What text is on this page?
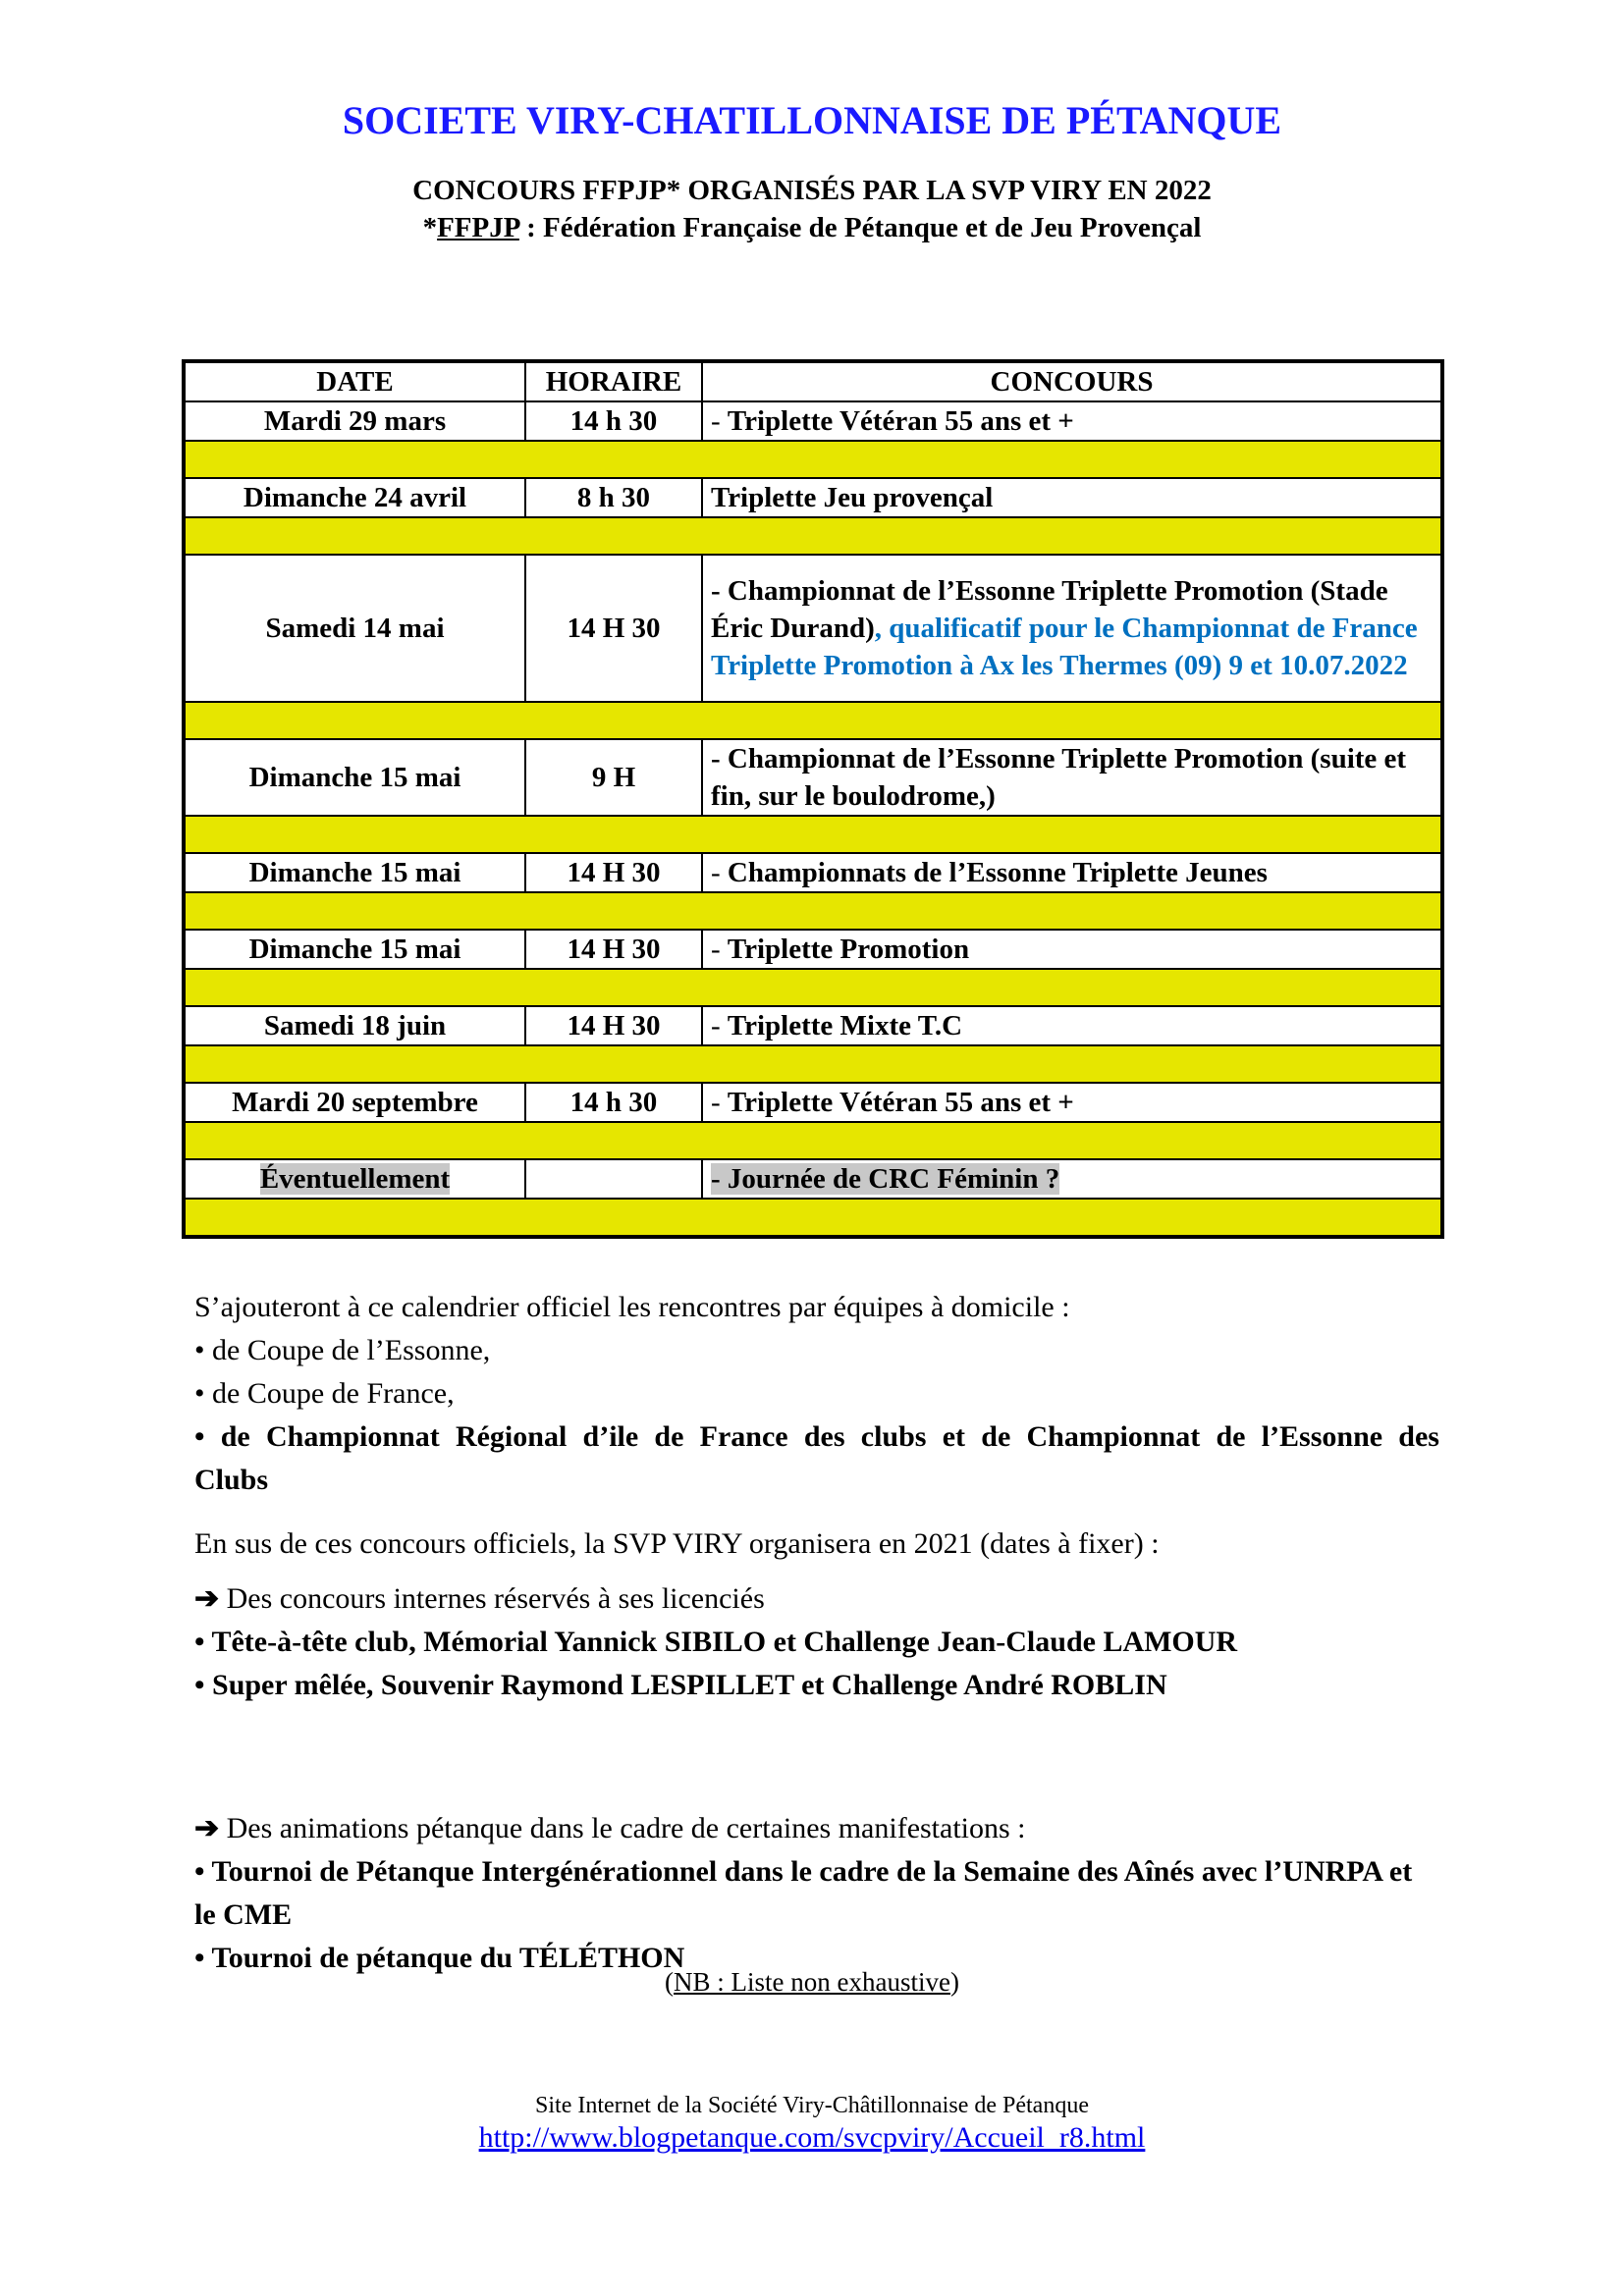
SOCIETE VIRY-CHATILLONNAISE DE PÉTANQUE
CONCOURS FFPJP* ORGANISÉS PAR LA SVP VIRY EN 2022
*FFPJP : Fédération Française de Pétanque et de Jeu Provençal
DATE	HORAIRE	CONCOURS
Mardi 29 mars	14 h 30	- Triplette Vétéran 55 ans et +

Dimanche 24 avril	8 h 30	Triplette Jeu provençal

Samedi 14 mai	14 H 30	- Championnat de l’Essonne Triplette Promotion (Stade Éric Durand), qualificatif pour le Championnat de France Triplette Promotion à Ax les Thermes (09) 9 et 10.07.2022

Dimanche 15 mai	9 H	- Championnat de l’Essonne Triplette Promotion (suite et fin, sur le boulodrome,)

Dimanche 15 mai	14 H 30	- Championnats de l’Essonne Triplette Jeunes

Dimanche 15 mai	14 H 30	- Triplette Promotion

Samedi 18 juin	14 H 30	- Triplette Mixte T.C

Mardi 20 septembre	14 h 30	- Triplette Vétéran 55 ans et +

Éventuellement		- Journée de CRC Féminin ?

S’ajouteront à ce calendrier officiel les rencontres par équipes à domicile :

• de Coupe de l’Essonne,

• de Coupe de France,

• de Championnat Régional d’ile de France des clubs et de Championnat de l’Essonne des Clubs

En sus de ces concours officiels, la SVP VIRY organisera en 2021 (dates à fixer) :

➔ Des concours internes réservés à ses licenciés

• Tête-à-tête club, Mémorial Yannick SIBILO et Challenge Jean-Claude LAMOUR

• Super mêlée, Souvenir Raymond LESPILLET et Challenge André ROBLIN

➔ Des animations pétanque dans le cadre de certaines manifestations :

• Tournoi de Pétanque Intergénérationnel dans le cadre de la Semaine des Aînés avec l’UNRPA et le CME

• Tournoi de pétanque du TÉLÉTHON

(NB : Liste non exhaustive)
Site Internet de la Société Viry-Châtillonnaise de Pétanque
http://www.blogpetanque.com/svcpviry/Accueil_r8.html
